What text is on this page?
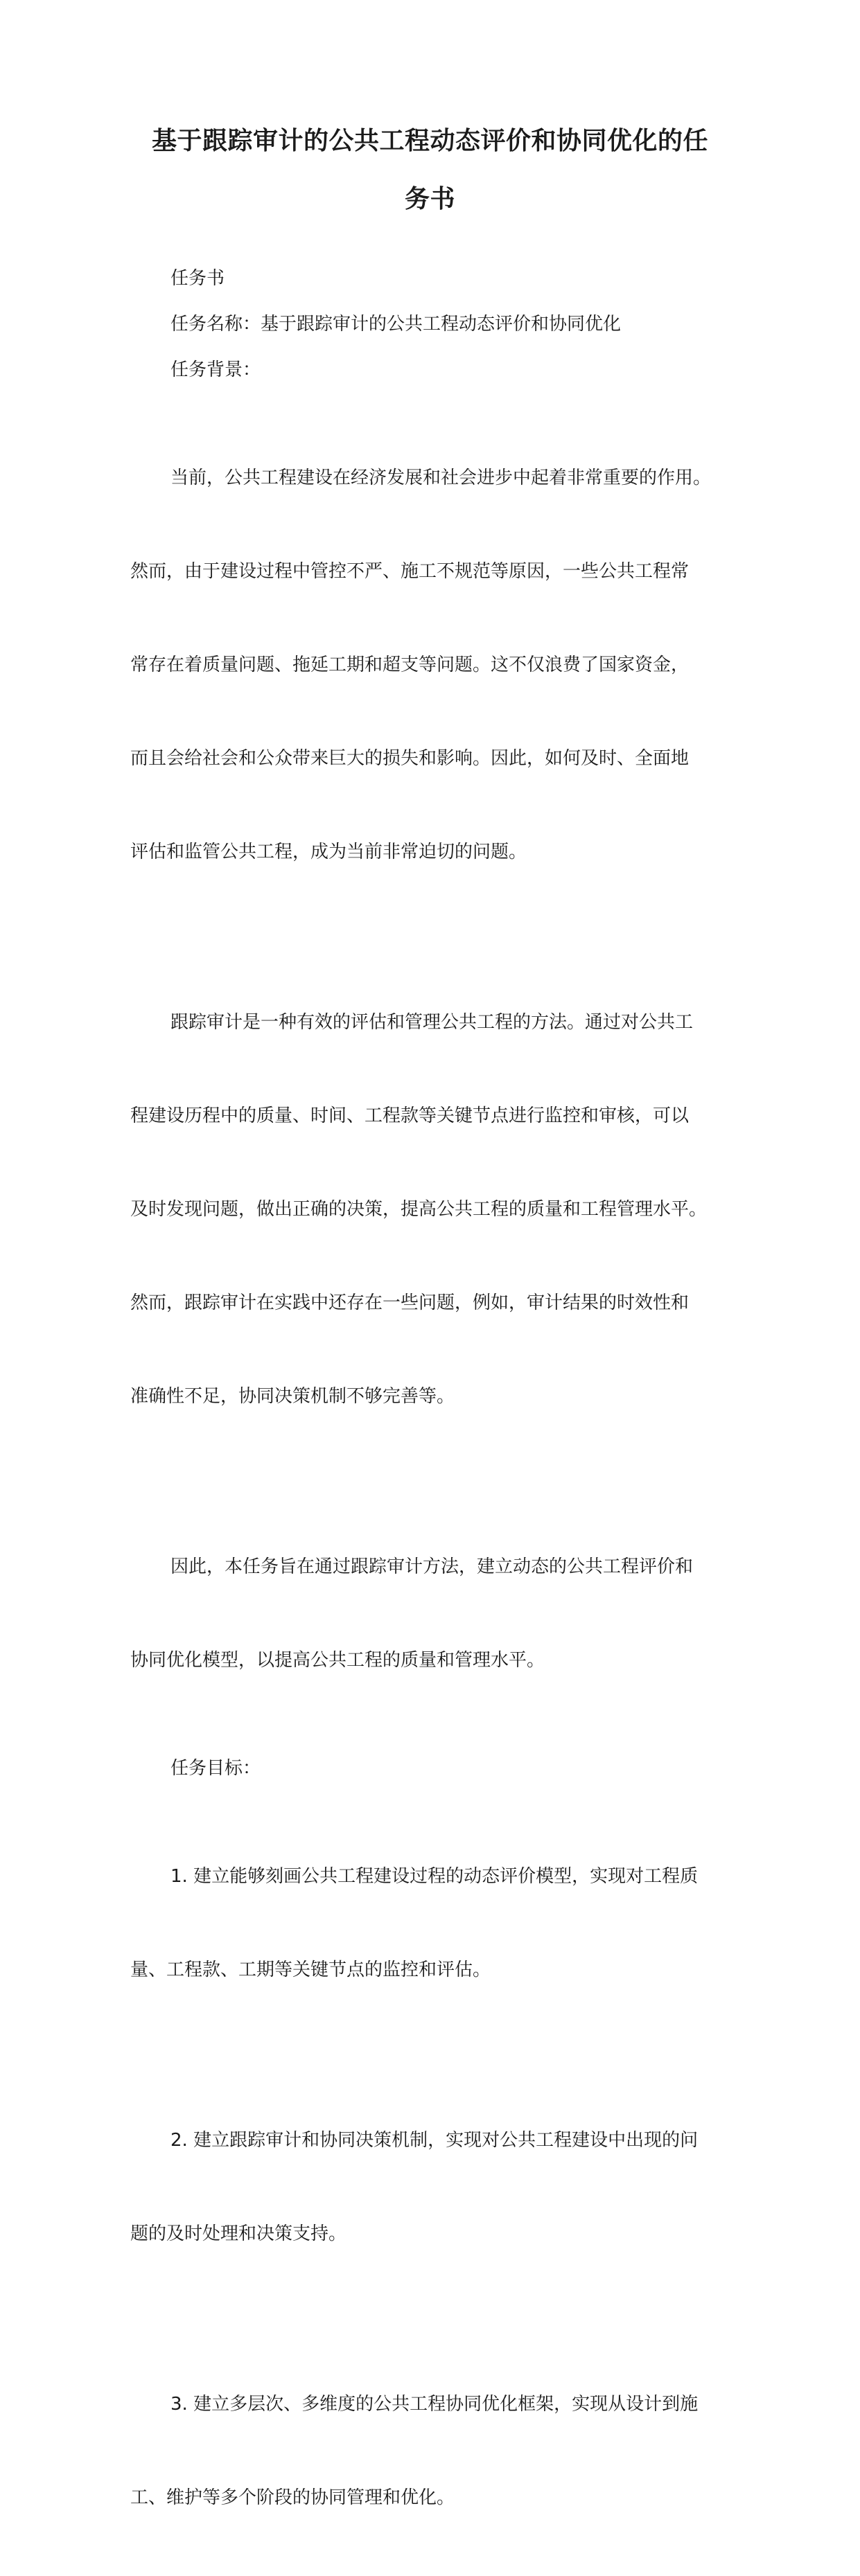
基于跟踪审计的公共工程动态评价和协同优化的任
务书

任务书

任务名称：基于跟踪审计的公共工程动态评价和协同优化

任务背景：

当前，公共工程建设在经济发展和社会进步中起着非常重要的作用。

然而，由于建设过程中管控不严、施工不规范等原因，一些公共工程常

常存在着质量问题、拖延工期和超支等问题。这不仅浪费了国家资金，

而且会给社会和公众带来巨大的损失和影响。因此，如何及时、全面地

评估和监管公共工程，成为当前非常迫切的问题。

跟踪审计是一种有效的评估和管理公共工程的方法。通过对公共工

程建设历程中的质量、时间、工程款等关键节点进行监控和审核，可以

及时发现问题，做出正确的决策，提高公共工程的质量和工程管理水平。

然而，跟踪审计在实践中还存在一些问题，例如，审计结果的时效性和

准确性不足，协同决策机制不够完善等。

因此，本任务旨在通过跟踪审计方法，建立动态的公共工程评价和

协同优化模型，以提高公共工程的质量和管理水平。

任务目标：

1. 建立能够刻画公共工程建设过程的动态评价模型，实现对工程质

量、工程款、工期等关键节点的监控和评估。

2. 建立跟踪审计和协同决策机制，实现对公共工程建设中出现的问

题的及时处理和决策支持。

3. 建立多层次、多维度的公共工程协同优化框架，实现从设计到施

工、维护等多个阶段的协同管理和优化。
